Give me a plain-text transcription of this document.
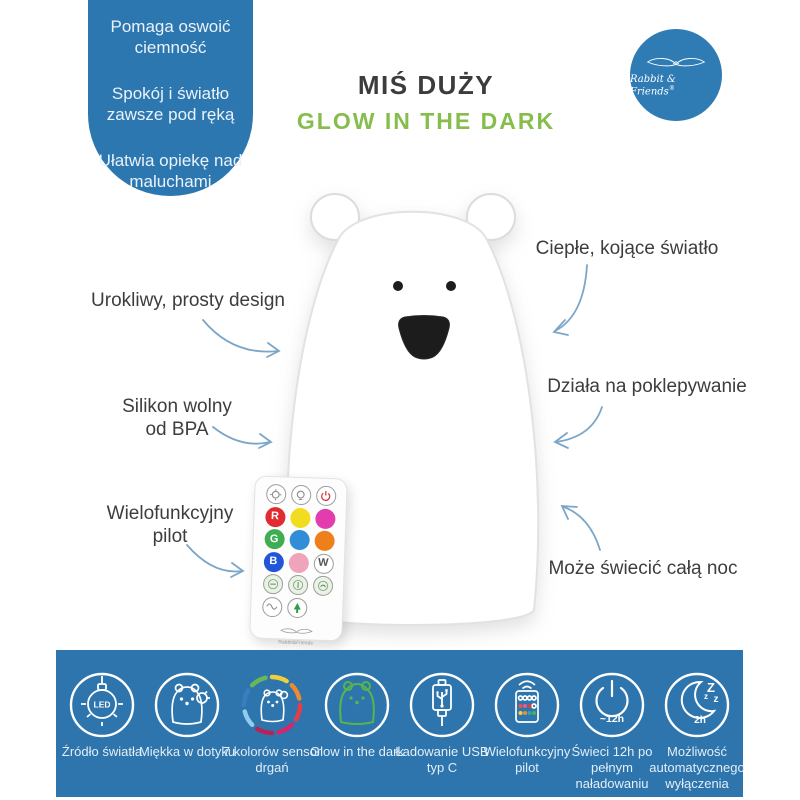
Pomaga oswoić ciemność

Spokój i światło zawsze pod ręką

Ułatwia opiekę nad maluchami

MIŚ DUŻY
GLOW IN THE DARK
Rabbit & Friends®
R
G
B	W
Rabbit&Friends
Urokliwy, prosty design
Silikon wolny od BPA
Wielofunkcyjny pilot
Ciepłe, kojące światło
Działa na poklepywanie
Może świecić całą noc
LED
Źródło światła
Miękka w dotyku
7 kolorów sensor drgań
Glow in the dark
Ładowanie USB typ C
Wielofunkcyjny pilot
~12h
Świeci 12h po pełnym naładowaniu
Z
z z
2h
Możliwość automatycznego wyłączenia
